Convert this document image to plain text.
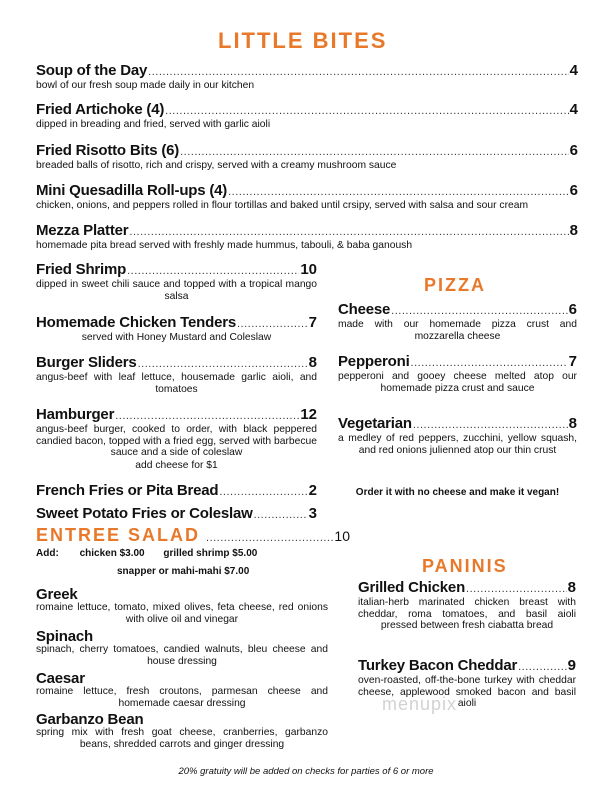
LITTLE BITES
Soup of the Day .....	4
bowl of our fresh soup made daily in our kitchen
Fried Artichoke (4) .....	4
dipped in breading and fried, served with garlic aioli
Fried Risotto Bits (6) .....	6
breaded balls of risotto, rich and crispy, served with a creamy mushroom sauce
Mini Quesadilla Roll-ups (4) .....	6
chicken, onions, and peppers rolled in flour tortillas and baked until crsipy, served with salsa and sour cream
Mezza Platter .....	8
homemade pita bread served with freshly made hummus, tabouli, & baba ganoush
Fried Shrimp .....	10
dipped in sweet chili sauce and topped with a tropical mango salsa
Homemade Chicken Tenders .....	7
served with Honey Mustard and Coleslaw
Burger Sliders .....	8
angus-beef with leaf lettuce, housemade garlic aioli, and tomatoes
Hamburger .....	12
angus-beef burger, cooked to order, with black peppered candied bacon, topped with a fried egg, served with barbecue sauce and a side of coleslaw
add cheese for $1
French Fries or Pita Bread .....	2
Sweet Potato Fries or Coleslaw .....	3
PIZZA
Cheese .....	6
made with our homemade pizza crust and mozzarella cheese
Pepperoni .....	7
pepperoni and gooey cheese melted atop our homemade pizza crust and sauce
Vegetarian .....	8
a medley of red peppers, zucchini, yellow squash, and red onions julienned atop our thin crust
Order it with no cheese and make it vegan!
ENTREE SALAD .....	10
Add: chicken $3.00 grilled shrimp $5.00
snapper or mahi-mahi $7.00
Greek
romaine lettuce, tomato, mixed olives, feta cheese, red onions with olive oil and vinegar
Spinach
spinach, cherry tomatoes, candied walnuts, bleu cheese and house dressing
Caesar
romaine lettuce, fresh croutons, parmesan cheese and homemade caesar dressing
Garbanzo Bean
spring mix with fresh goat cheese, cranberries, garbanzo beans, shredded carrots and ginger dressing
PANINIS
Grilled Chicken .....	8
italian-herb marinated chicken breast with cheddar, roma tomatoes, and basil aioli pressed between fresh ciabatta bread
Turkey Bacon Cheddar .....	9
oven-roasted, off-the-bone turkey with cheddar cheese, applewood smoked bacon and basil aioli
menupix
20% gratuity will be added on checks for parties of 6 or more
